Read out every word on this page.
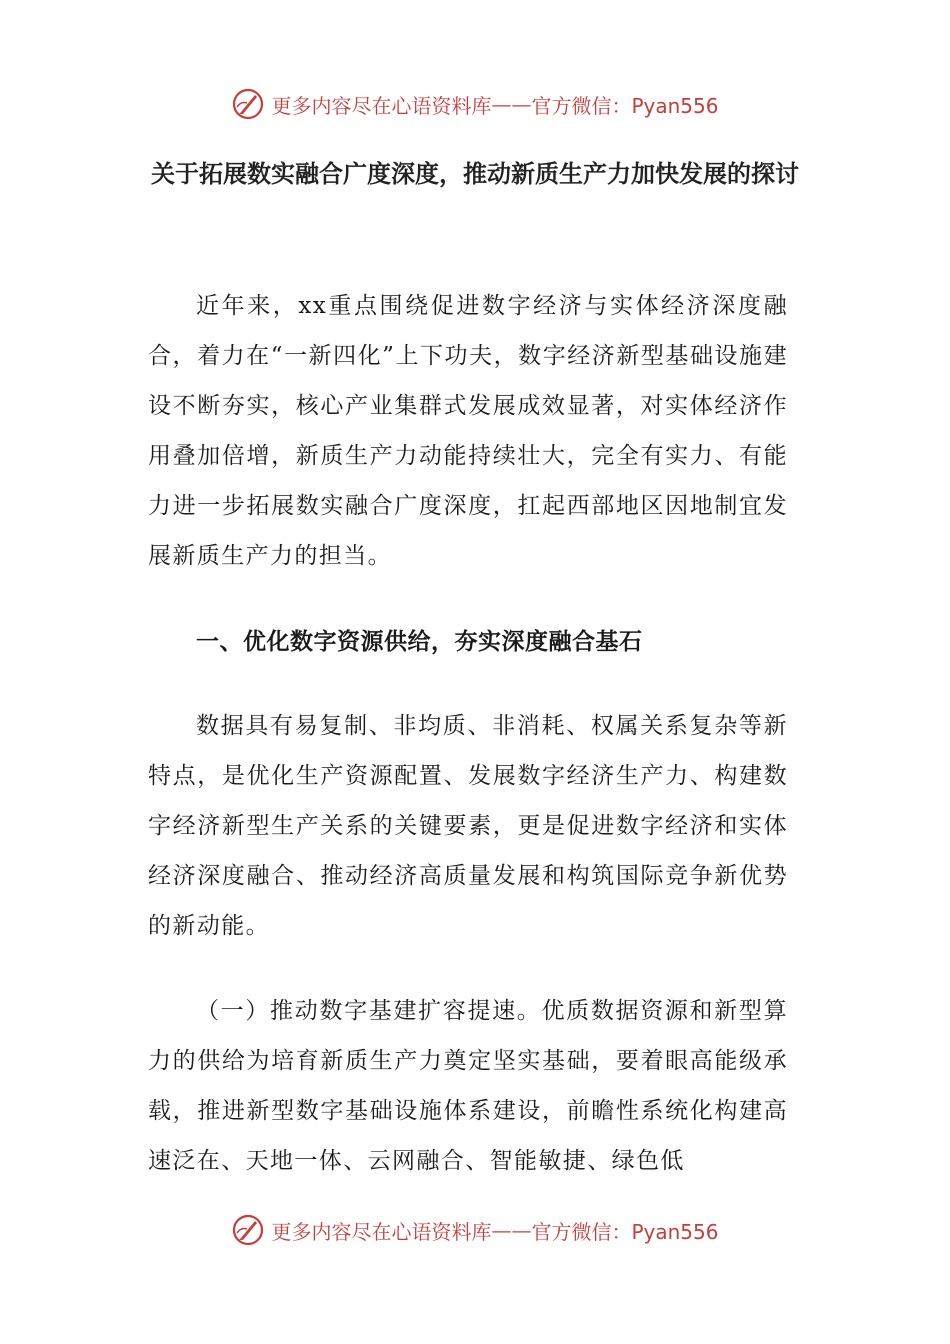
更多内容尽在心语资料库 —— 官方微信：Pyan556
关于拓展数实融合广度深度，推动新质生产力加快发展的探讨
近年来，xx重点围绕促进数字经济与实体经济深度融合，着力在“一新四化”上下功夫，数字经济新型基础设施建设不断夯实，核心产业集群式发展成效显著，对实体经济作用叠加倍增，新质生产力动能持续壮大，完全有实力、有能力进一步拓展数实融合广度深度，扛起西部地区因地制宜发展新质生产力的担当。
一、优化数字资源供给，夯实深度融合基石
数据具有易复制、非均质、非消耗、权属关系复杂等新特点，是优化生产资源配置、发展数字经济生产力、构建数字经济新型生产关系的关键要素，更是促进数字经济和实体经济深度融合、推动经济高质量发展和构筑国际竞争新优势的新动能。
（一）推动数字基建扩容提速。优质数据资源和新型算力的供给为培育新质生产力奠定坚实基础，要着眼高能级承载，推进新型数字基础设施体系建设，前瞻性系统化构建高速泛在、天地一体、云网融合、智能敏捷、绿色低
更多内容尽在心语资料库 —— 官方微信：Pyan556
